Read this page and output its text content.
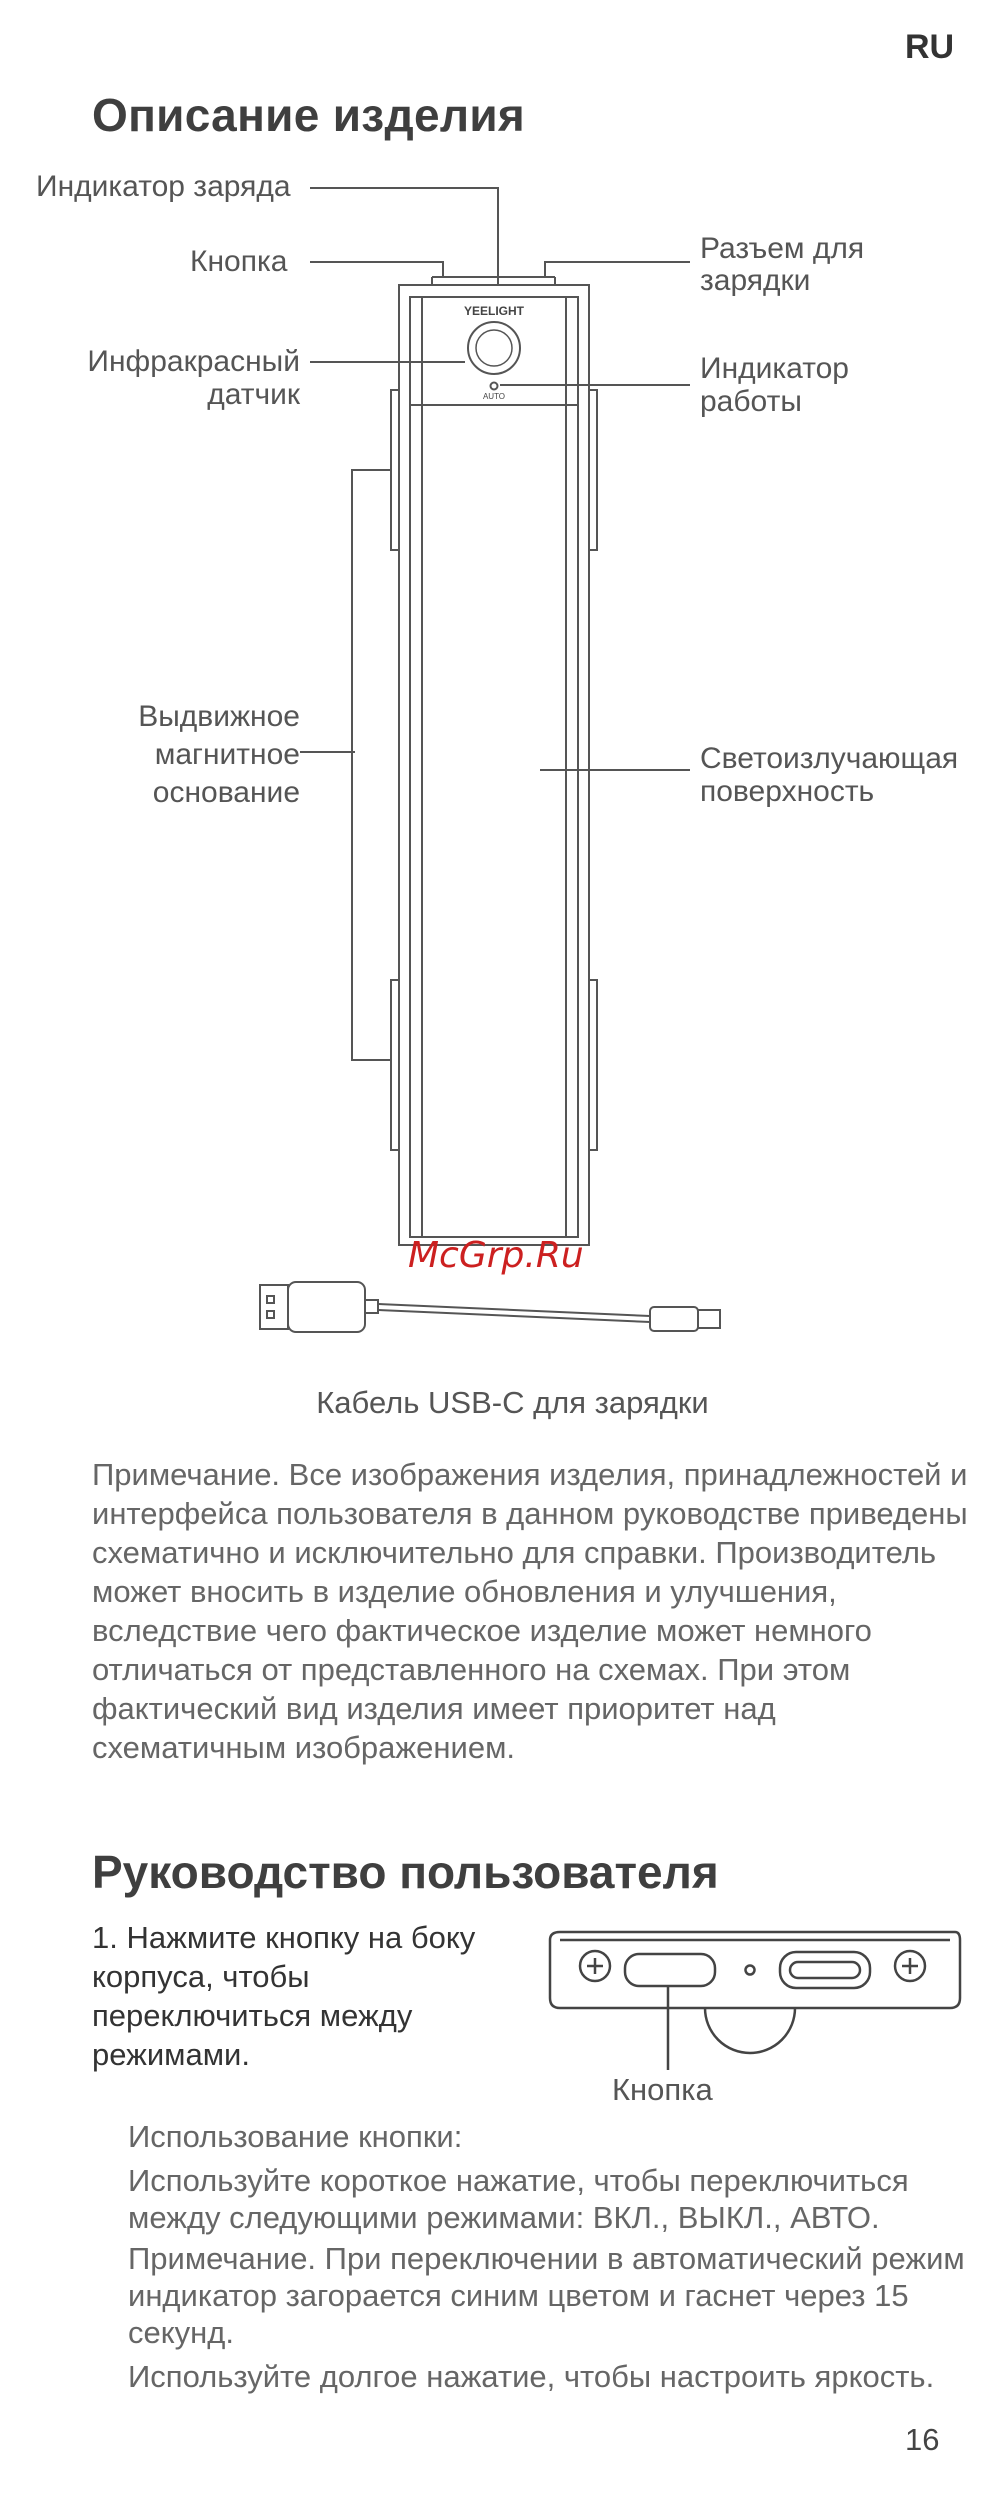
RU
Описание изделия
YEELIGHT
AUTO
Индикатор заряда
Кнопка
Инфракрасный
датчик
Разъем для
зарядки
Индикатор
работы
Выдвижное
магнитное
основание
Светоизлучающая
поверхность
McGrp.Ru
Кабель USB-C для зарядки
Примечание. Все изображения изделия, принадлежностей и интерфейса пользователя в данном руководстве приведены схематично и исключительно для справки. Производитель может вносить в изделие обновления и улучшения, вследствие чего фактическое изделие может немного отличаться от представленного на схемах. При этом фактический вид изделия имеет приоритет над схематичным изображением.
Руководство пользователя
1. Нажмите кнопку на боку корпуса, чтобы переключиться между режимами.
Кнопка
Использование кнопки:
Используйте короткое нажатие, чтобы переключиться между следующими режимами: ВКЛ., ВЫКЛ., АВТО.
Примечание. При переключении в автоматический режим индикатор загорается синим цветом и гаснет через 15 секунд.
Используйте долгое нажатие, чтобы настроить яркость.
16
